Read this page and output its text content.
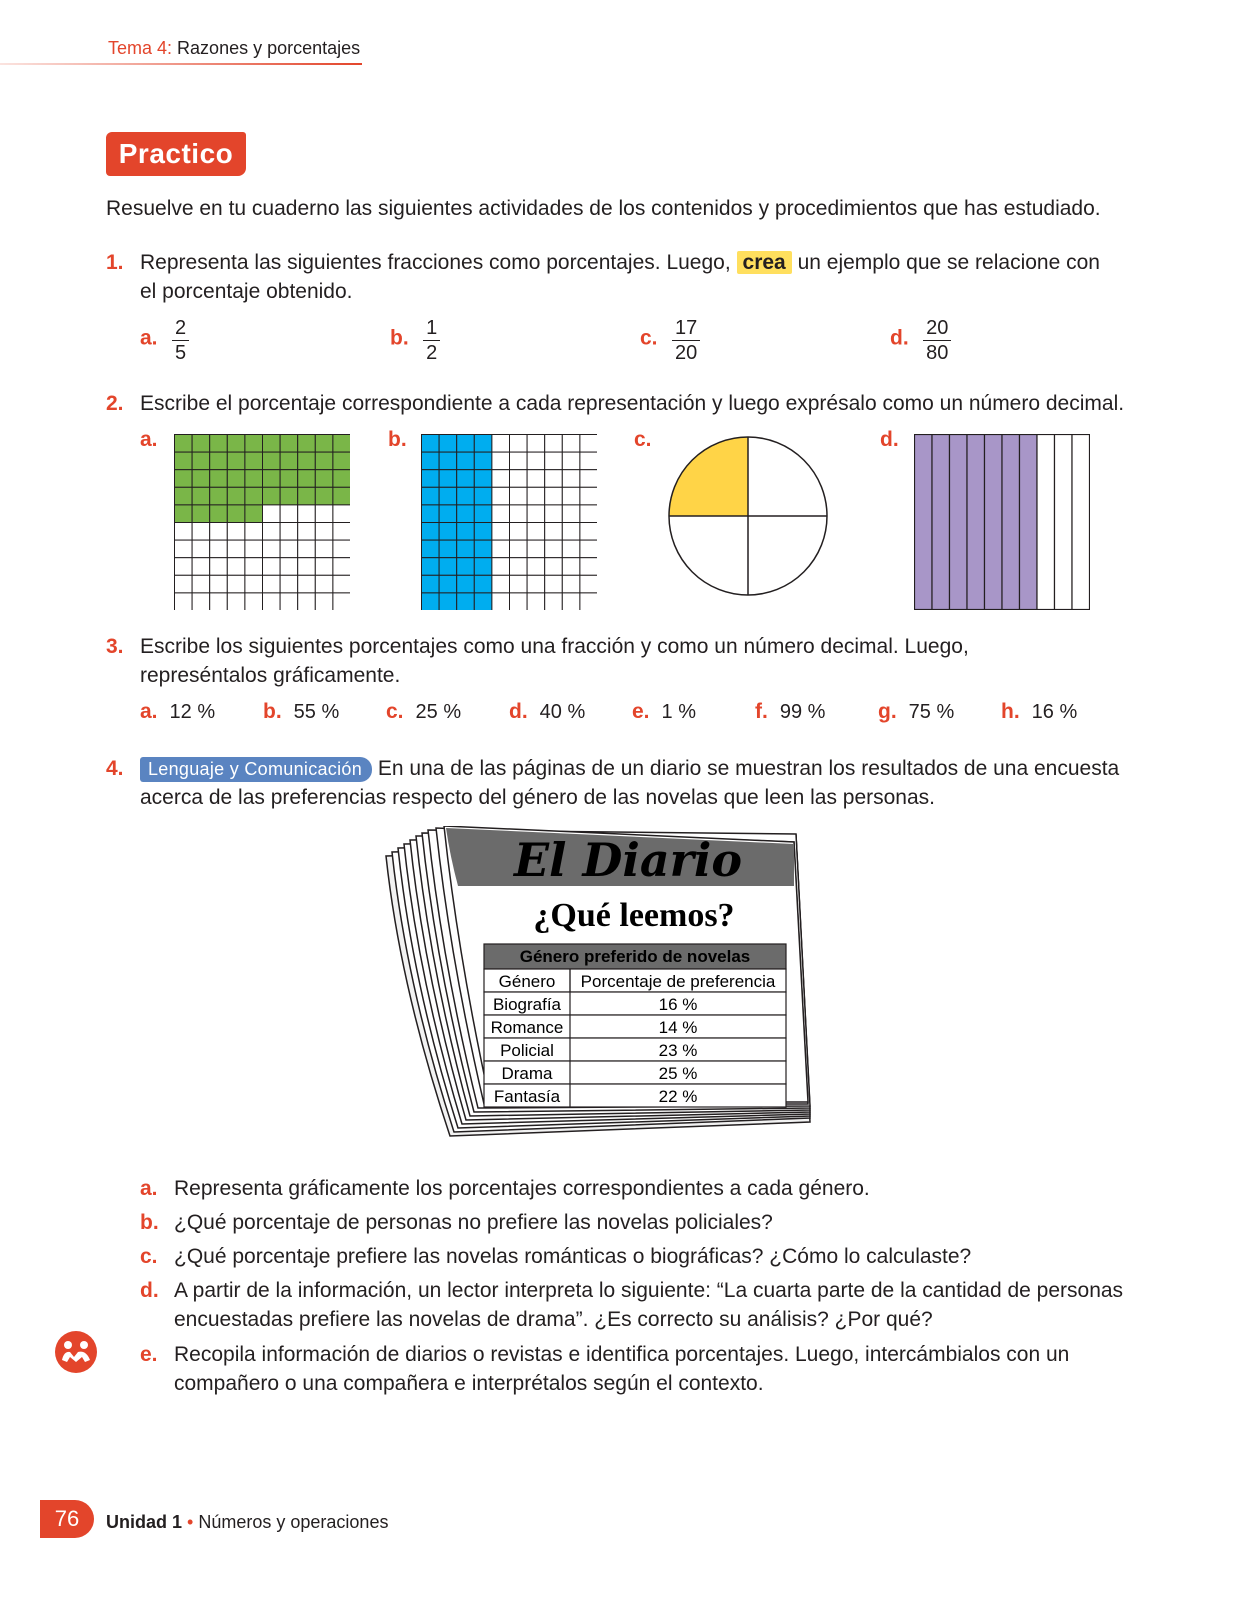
Tema 4: Razones y porcentajes
Practico
Resuelve en tu cuaderno las siguientes actividades de los contenidos y procedimientos que has estudiado.
1. Representa las siguientes fracciones como porcentajes. Luego, crea un ejemplo que se relacione con
el porcentaje obtenido.
a. $\frac{2}{5}$	b. $\frac{1}{2}$	c. $\frac{17}{20}$	d. $\frac{20}{80}$
2. Escribe el porcentaje correspondiente a cada representación y luego exprésalo como un número decimal.
a.	b.	c.	d.
3. Escribe los siguientes porcentajes como una fracción y como un número decimal. Luego,
represéntalos gráficamente.
a. 12 % b. 55 % c. 25 % d. 40 % e. 1 %	f. 99 %	g. 75 % h. 16 %
4.	Lenguaje y Comunicación En una de las páginas de un diario se muestran los resultados de una encuesta
acerca de las preferencias respecto del género de las novelas que leen las personas.
El Diario
¿Qué leemos?
Género preferido de novelas
Género Porcentaje de preferencia
Biografía	16 %
Romance	14 %
Policial	23 %
Drama	25 %
Fantasía	22 %
a. Representa gráficamente los porcentajes correspondientes a cada género.
b. ¿Qué porcentaje de personas no prefiere las novelas policiales?
c. ¿Qué porcentaje prefiere las novelas románticas o biográficas? ¿Cómo lo calculaste?
d. A partir de la información, un lector interpreta lo siguiente: “La cuarta parte de la cantidad de personas
encuestadas prefiere las novelas de drama”. ¿Es correcto su análisis? ¿Por qué?
e. Recopila información de diarios o revistas e identifica porcentajes. Luego, intercámbialos con un
compañero o una compañera e interprétalos según el contexto.
76	Unidad 1 • Números y operaciones
